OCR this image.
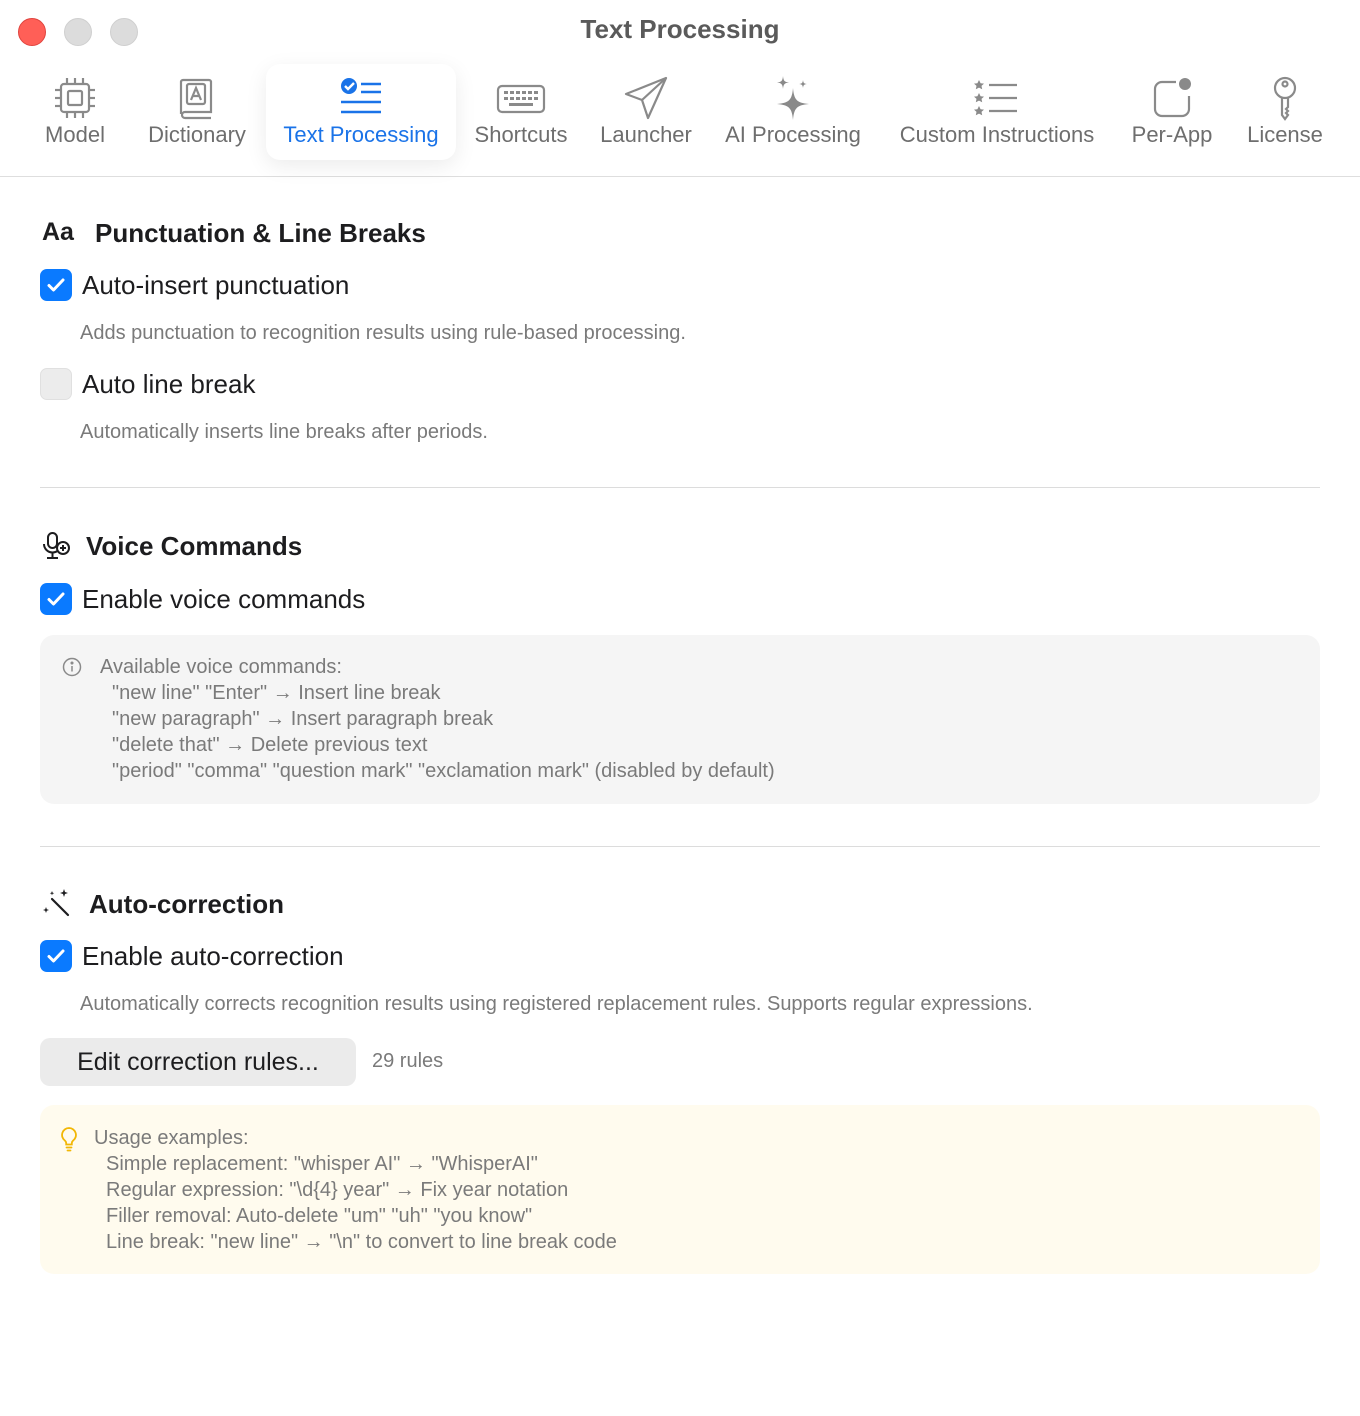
Text Processing
Model	Dictionary	Text Processing	Shortcuts	Launcher	AI Processing	Custom Instructions	Per-App	License
Aa Punctuation & Line Breaks
Auto-insert punctuation
Adds punctuation to recognition results using rule-based processing.
Auto line break
Automatically inserts line breaks after periods.
Voice Commands
Enable voice commands
Available voice commands:
"new line" "Enter" → Insert line break
"new paragraph" → Insert paragraph break
"delete that" → Delete previous text
"period" "comma" "question mark" "exclamation mark" (disabled by default)
Auto-correction
Enable auto-correction
Automatically corrects recognition results using registered replacement rules. Supports regular expressions.
Edit correction rules...	29 rules
Usage examples:
Simple replacement: "whisper AI" → "WhisperAI"
Regular expression: "\d{4} year" → Fix year notation
Filler removal: Auto-delete "um" "uh" "you know"
Line break: "new line" → "\n" to convert to line break code
